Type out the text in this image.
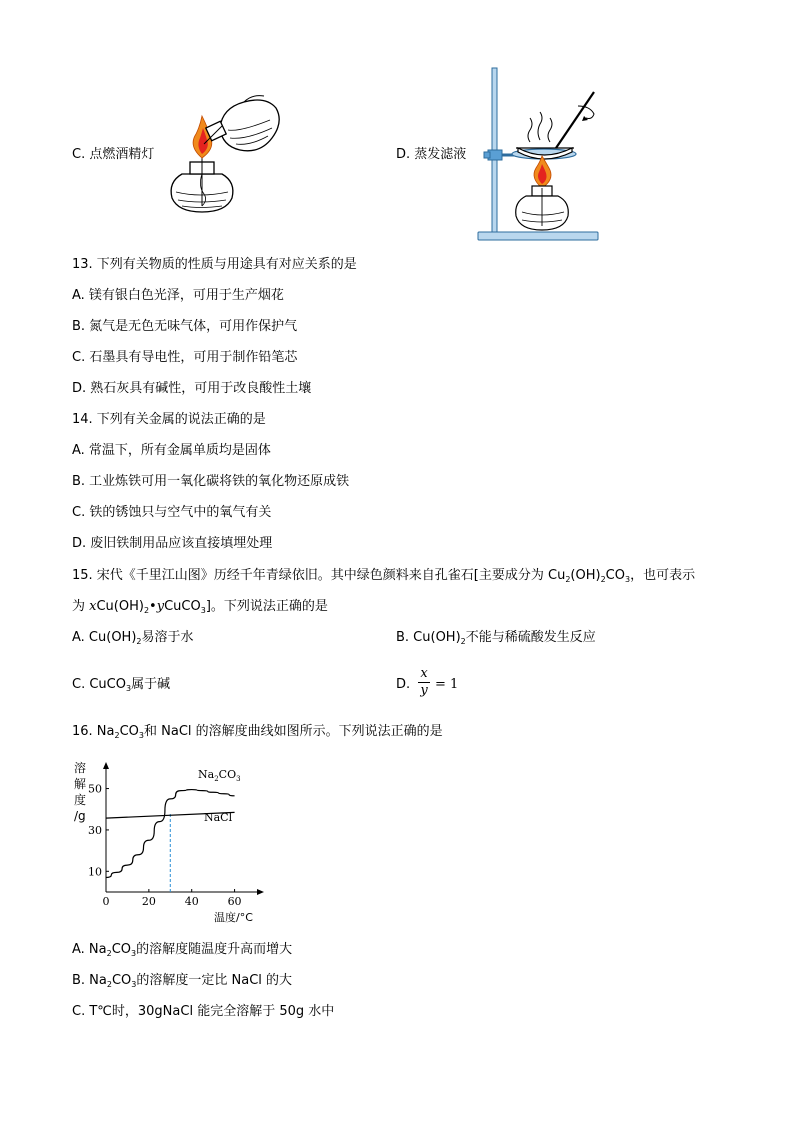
C. 点燃酒精灯	D. 蒸发滤液
13. 下列有关物质的性质与用途具有对应关系的是
A. 镁有银白色光泽，可用于生产烟花
B. 氮气是无色无味气体，可用作保护气
C. 石墨具有导电性，可用于制作铅笔芯
D. 熟石灰具有碱性，可用于改良酸性土壤
14. 下列有关金属的说法正确的是
A. 常温下，所有金属单质均是固体
B. 工业炼铁可用一氧化碳将铁的氧化物还原成铁
C. 铁的锈蚀只与空气中的氧气有关
D. 废旧铁制用品应该直接填埋处理
15. 宋代《千里江山图》历经千年青绿依旧。其中绿色颜料来自孔雀石[主要成分为 $Cu_2(OH)_2CO_3$，也可表示
为 $xCu(OH)_2•yCuCO_3$]。下列说法正确的是
A. $Cu(OH)_2$易溶于水	B. $Cu(OH)_2$不能与稀硫酸发生反应
C. CuCO$_3$属于碱	D.
x
y = 1
16. $Na_2CO_3$和 NaCl 的溶解度曲线如图所示。下列说法正确的是
溶
解
度
/g
0	20	40	60
10
30
50
温度/°C
$Na_2CO_3$
NaCl
A. $Na_2CO_3$的溶解度随温度升高而增大
B. $Na_2CO_3$的溶解度一定比 NaCl 的大
C. T℃时，30gNaCl 能完全溶解于 50g 水中
